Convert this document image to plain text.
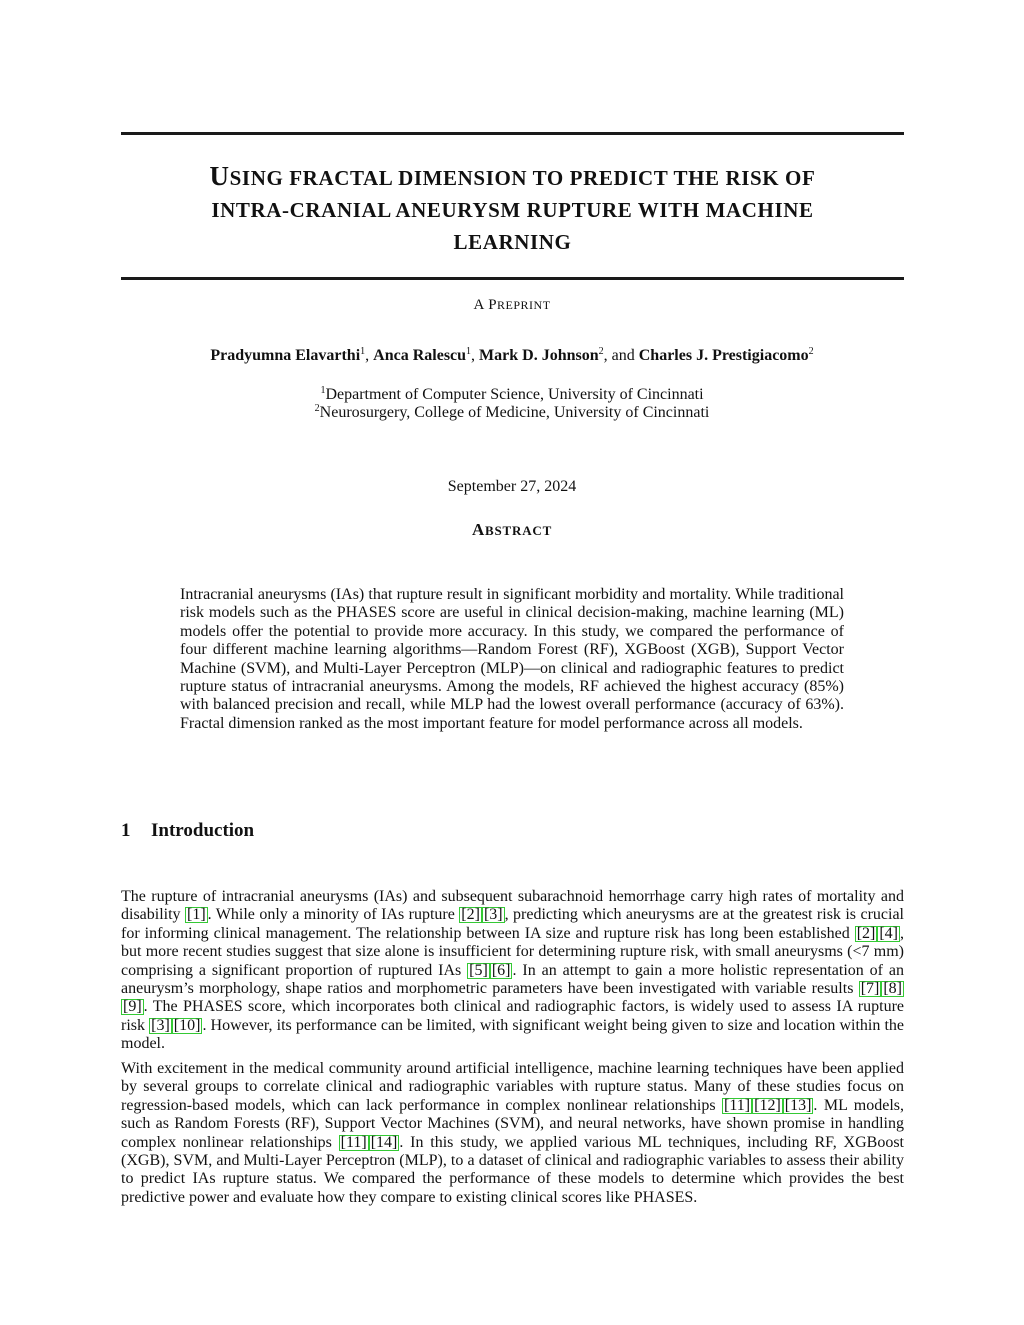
USING FRACTAL DIMENSION TO PREDICT THE RISK OF
INTRA-CRANIAL ANEURYSM RUPTURE WITH MACHINE
LEARNING
A PREPRINT
Pradyumna Elavarthi$^1$, Anca Ralescu$^1$, Mark D. Johnson$^2$, and Charles J. Prestigiacomo$^2$
$^1$Department of Computer Science, University of Cincinnati
$^2$Neurosurgery, College of Medicine, University of Cincinnati
September 27, 2024
ABSTRACT

Intracranial aneurysms (IAs) that rupture result in significant morbidity and mortality. While traditional risk models such as the PHASES score are useful in clinical decision-making, machine learning (ML) models offer the potential to provide more accuracy. In this study, we compared the performance of four different machine learning algorithms—Random Forest (RF), XGBoost (XGB), Support Vector Machine (SVM), and Multi-Layer Perceptron (MLP)—on clinical and radiographic features to predict rupture status of intracranial aneurysms. Among the models, RF achieved the highest accuracy (85%) with balanced precision and recall, while MLP had the lowest overall performance (accuracy of 63%). Fractal dimension ranked as the most important feature for model performance across all models.

1 Introduction

The rupture of intracranial aneurysms (IAs) and subsequent subarachnoid hemorrhage carry high rates of mortality and disability [1] . While only a minority of IAs rupture [2] [3] , predicting which aneurysms are at the greatest risk is crucial for informing clinical management. The relationship between IA size and rupture risk has long been established [2] [4] , but more recent studies suggest that size alone is insufficient for determining rupture risk, with small aneurysms (<7 mm) comprising a significant proportion of ruptured IAs [5] [6] . In an attempt to gain a more holistic representation of an aneurysm’s morphology, shape ratios and morphometric parameters have been investigated with variable results [7] [8][9] . The PHASES score, which incorporates both clinical and radiographic factors, is widely used to assess IA rupture risk [3] [10] . However, its performance can be limited, with significant weight being given to size and location within the model.

With excitement in the medical community around artificial intelligence, machine learning techniques have been applied by several groups to correlate clinical and radiographic variables with rupture status. Many of these studies focus on regression-based models, which can lack performance in complex nonlinear relationships [11] [12] [13] . ML models, such as Random Forests (RF), Support Vector Machines (SVM), and neural networks, have shown promise in handling complex nonlinear relationships [11] [14] . In this study, we applied various ML techniques, including RF, XGBoost (XGB), SVM, and Multi-Layer Perceptron (MLP), to a dataset of clinical and radiographic variables to assess their ability to predict IAs rupture status. We compared the performance of these models to determine which provides the best predictive power and evaluate how they compare to existing clinical scores like PHASES.
